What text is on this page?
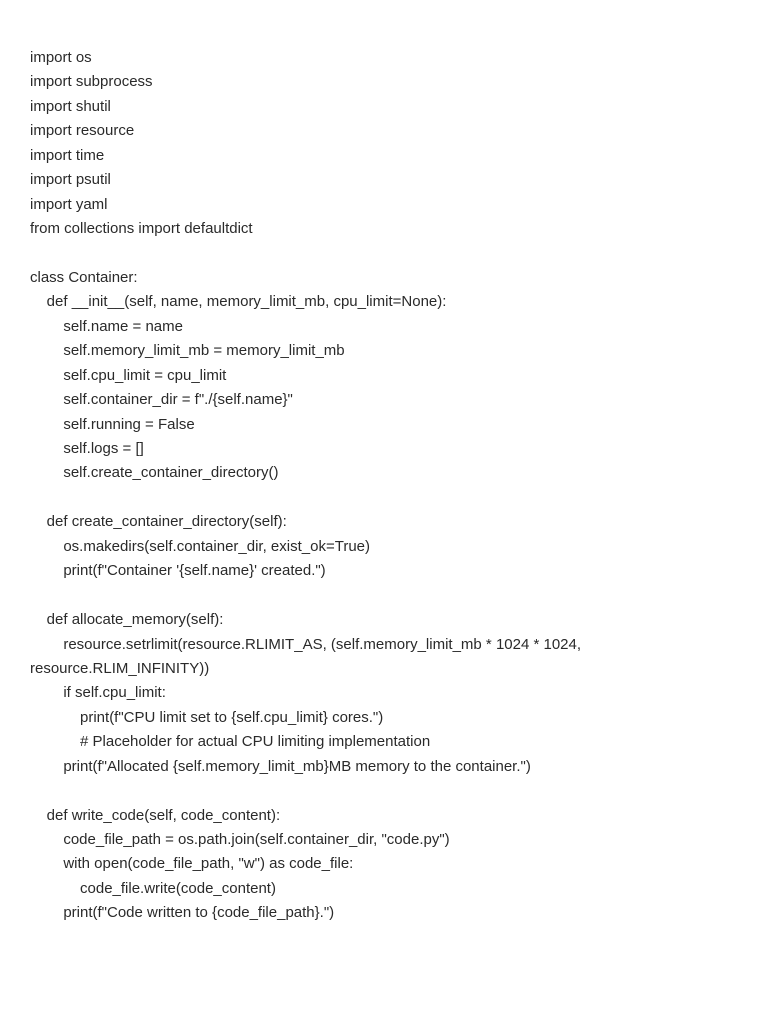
import os
import subprocess
import shutil
import resource
import time
import psutil
import yaml
from collections import defaultdict
class Container:
def __init__(self, name, memory_limit_mb, cpu_limit=None):
self.name = name
self.memory_limit_mb = memory_limit_mb
self.cpu_limit = cpu_limit
self.container_dir = f"./{self.name}"
self.running = False
self.logs = []
self.create_container_directory()
def create_container_directory(self):
os.makedirs(self.container_dir, exist_ok=True)
print(f"Container '{self.name}' created.")
def allocate_memory(self):
resource.setrlimit(resource.RLIMIT_AS, (self.memory_limit_mb * 1024 * 1024,
resource.RLIM_INFINITY))
if self.cpu_limit:
print(f"CPU limit set to {self.cpu_limit} cores.")
# Placeholder for actual CPU limiting implementation
print(f"Allocated {self.memory_limit_mb}MB memory to the container.")
def write_code(self, code_content):
code_file_path = os.path.join(self.container_dir, "code.py")
with open(code_file_path, "w") as code_file:
code_file.write(code_content)
print(f"Code written to {code_file_path}.")
